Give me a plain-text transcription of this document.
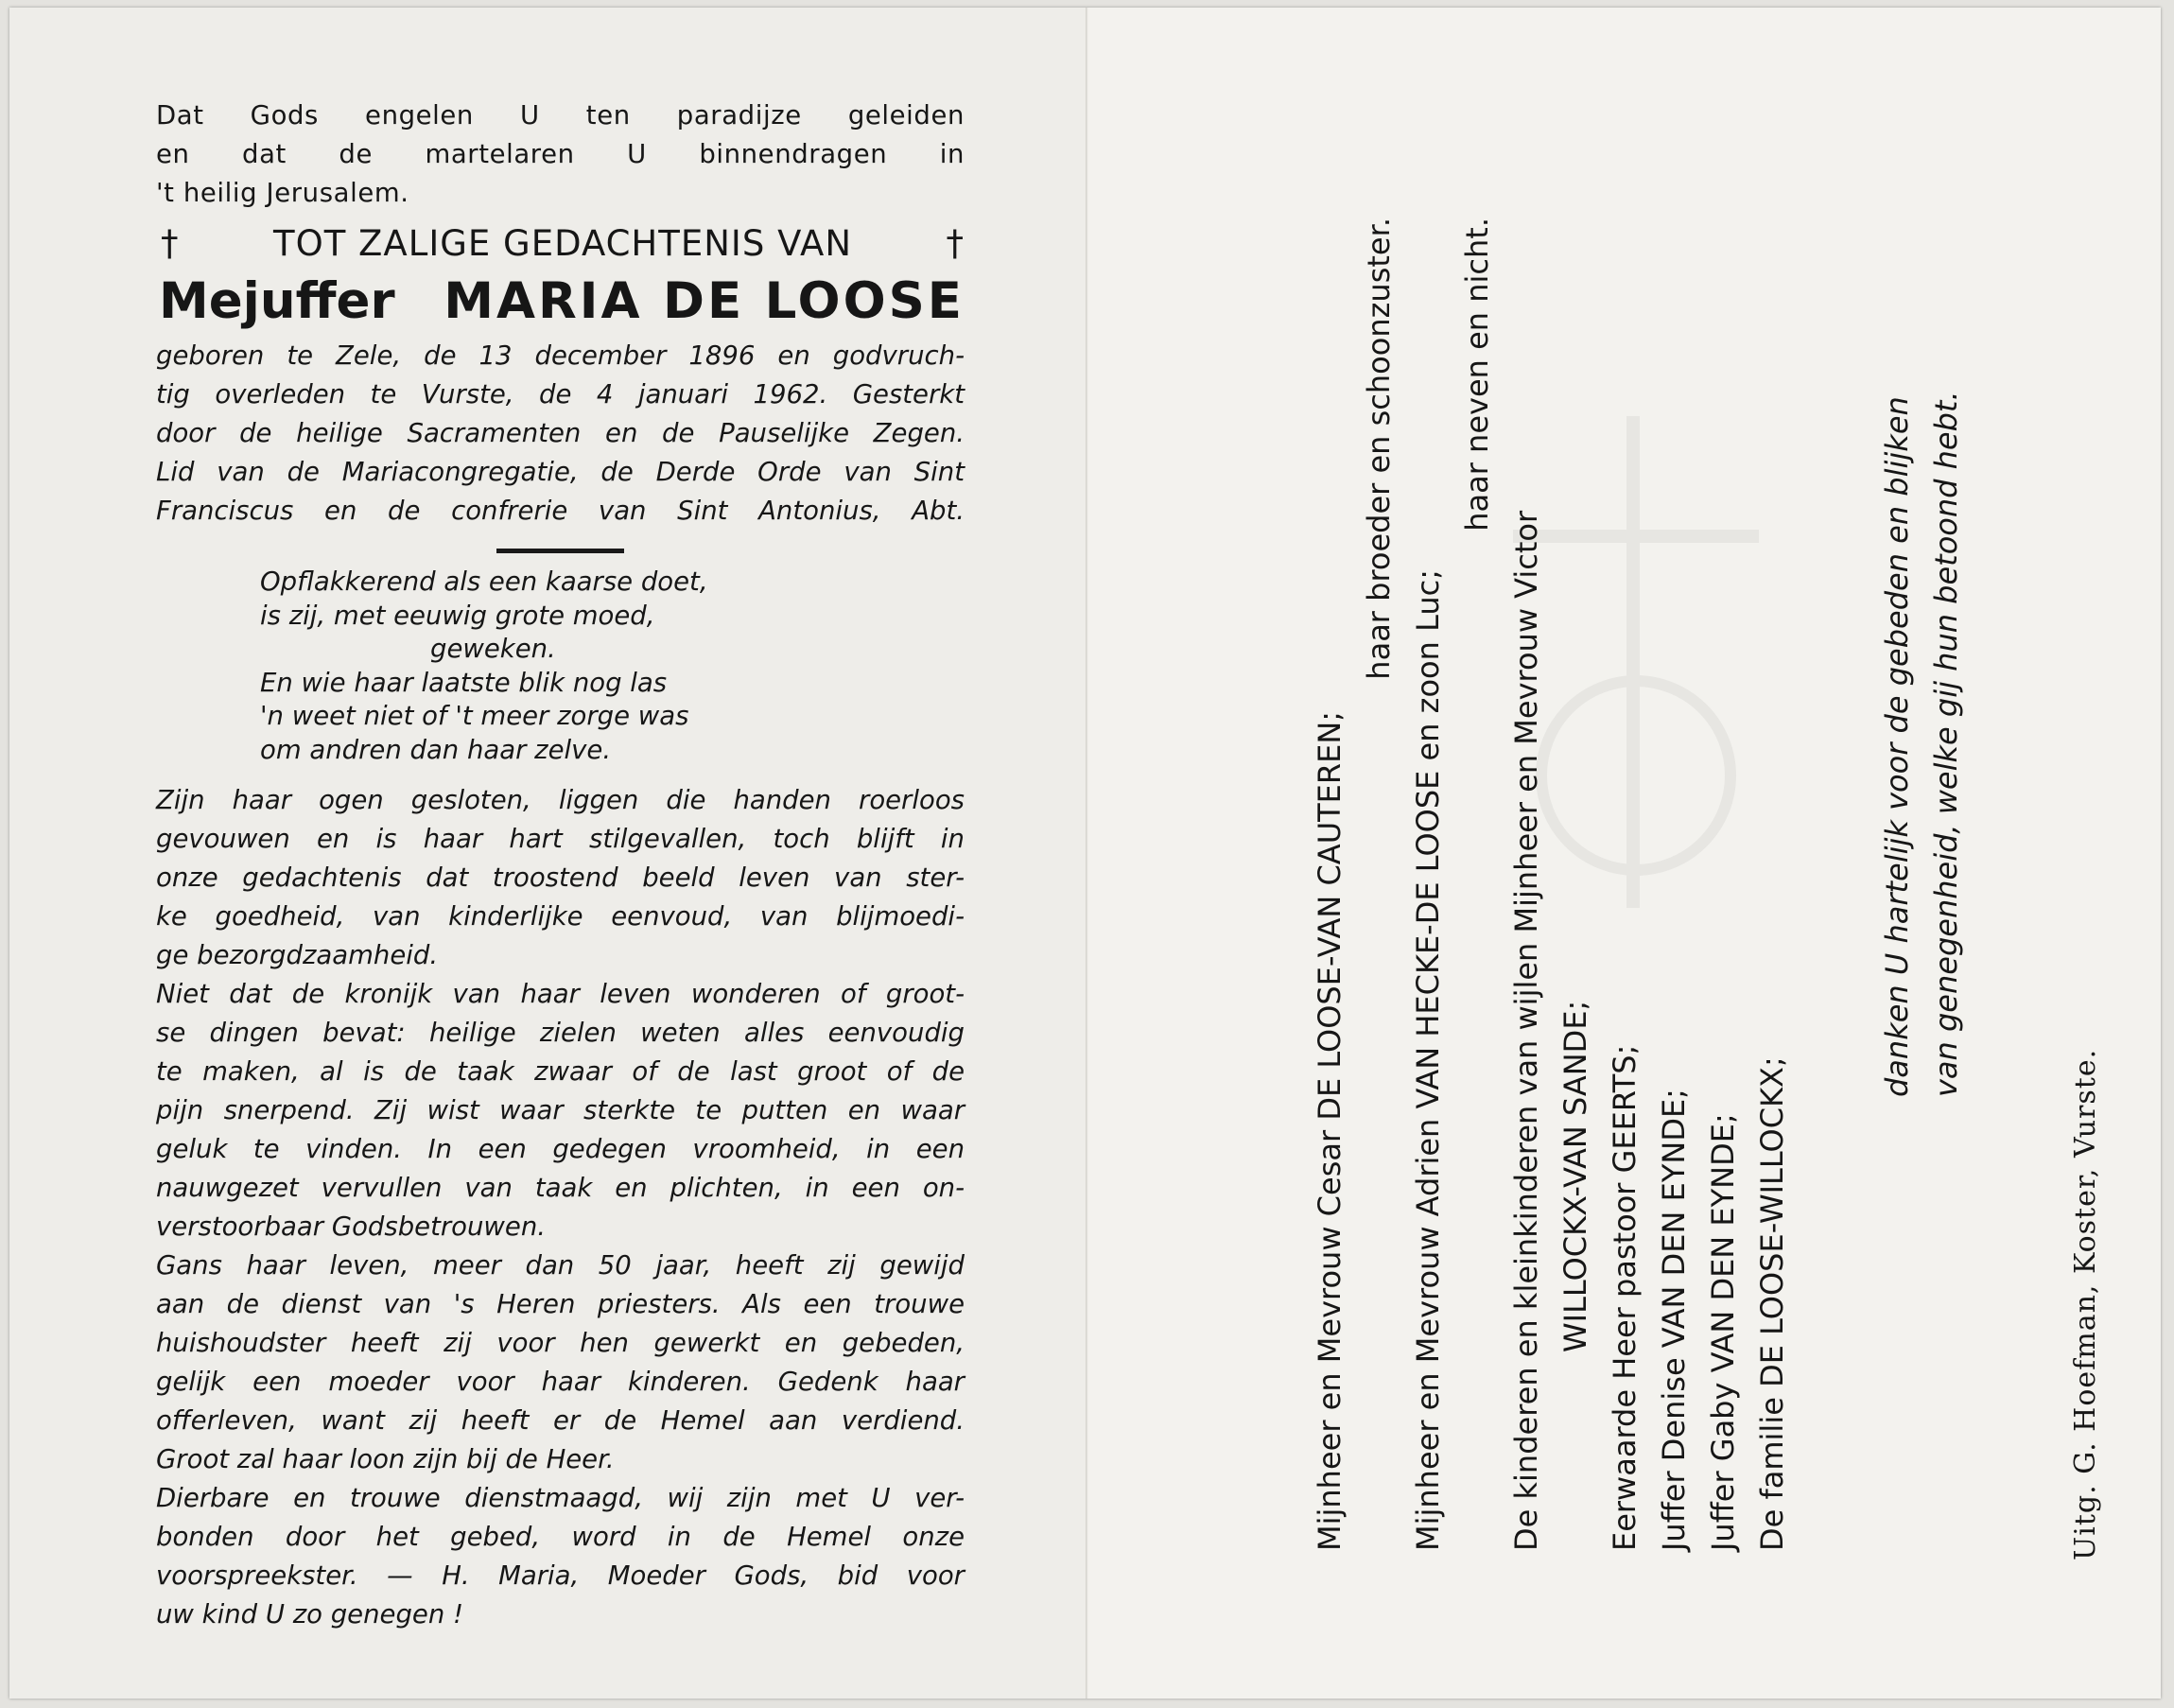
Dat Gods engelen U ten paradijze geleiden
en dat de martelaren U binnendragen in
't heilig Jerusalem.
†	TOT ZALIGE GEDACHTENIS VAN	†
Mejuffer MARIA DE LOOSE
geboren te Zele, de 13 december 1896 en godvruch-
tig overleden te Vurste, de 4 januari 1962. Gesterkt
door de heilige Sacramenten en de Pauselijke Zegen.
Lid van de Mariacongregatie, de Derde Orde van Sint
Franciscus en de confrerie van Sint Antonius, Abt.
Opflakkerend als een kaarse doet,
is zij, met eeuwig grote moed,
geweken.
En wie haar laatste blik nog las
'n weet niet of 't meer zorge was
om andren dan haar zelve.
Zijn haar ogen gesloten, liggen die handen roerloos
gevouwen en is haar hart stilgevallen, toch blijft in
onze gedachtenis dat troostend beeld leven van ster-
ke goedheid, van kinderlijke eenvoud, van blijmoedi-
ge bezorgdzaamheid.
Niet dat de kronijk van haar leven wonderen of groot-
se dingen bevat: heilige zielen weten alles eenvoudig
te maken, al is de taak zwaar of de last groot of de
pijn snerpend. Zij wist waar sterkte te putten en waar
geluk te vinden. In een gedegen vroomheid, in een
nauwgezet vervullen van taak en plichten, in een on-
verstoorbaar Godsbetrouwen.
Gans haar leven, meer dan 50 jaar, heeft zij gewijd
aan de dienst van 's Heren priesters. Als een trouwe
huishoudster heeft zij voor hen gewerkt en gebeden,
gelijk een moeder voor haar kinderen. Gedenk haar
offerleven, want zij heeft er de Hemel aan verdiend.
Groot zal haar loon zijn bij de Heer.
Dierbare en trouwe dienstmaagd, wij zijn met U ver-
bonden door het gebed, word in de Hemel onze
voorspreekster. — H. Maria, Moeder Gods, bid voor
uw kind U zo genegen !
Mijnheer en Mevrouw Cesar DE LOOSE-VAN CAUTEREN;
haar broeder en schoonzuster.
Mijnheer en Mevrouw Adrien VAN HECKE-DE LOOSE en zoon Luc;
haar neven en nicht.
De kinderen en kleinkinderen van wijlen Mijnheer en Mevrouw Victor WILLOCKX-VAN SANDE; Eerwaarde Heer pastoor GEERTS; Juffer Denise VAN DEN EYNDE; Juffer Gaby VAN DEN EYNDE; De familie DE LOOSE-WILLOCKX;
danken U hartelijk voor de gebeden en blijken van genegenheid, welke gij hun betoond hebt.
Uitg. G. Hoefman, Koster, Vurste.
